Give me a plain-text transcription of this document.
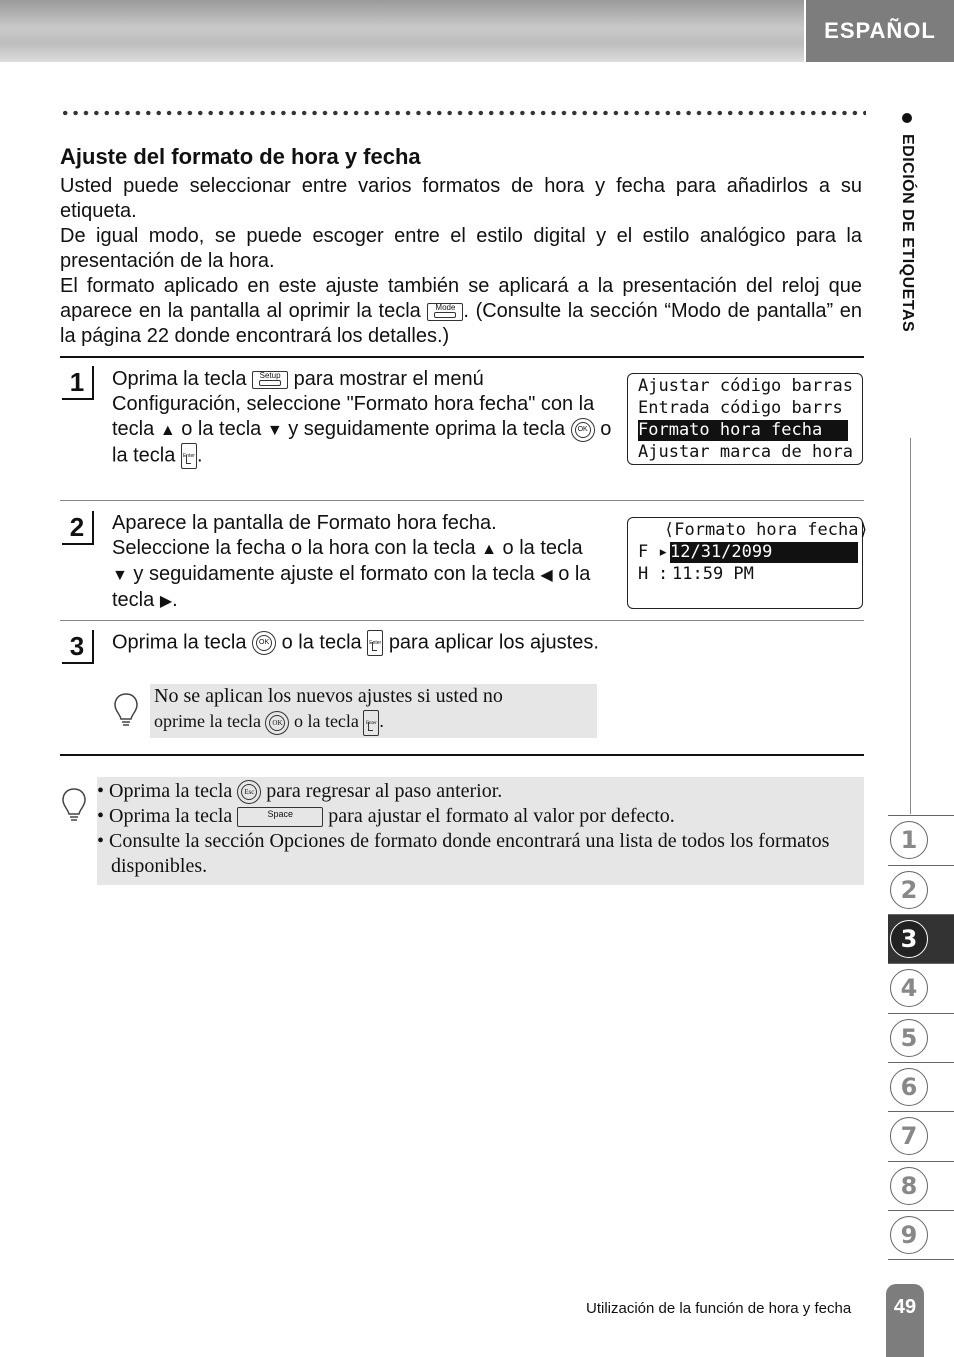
ESPAÑOL
Ajuste del formato de hora y fecha

Usted puede seleccionar entre varios formatos de hora y fecha para añadirlos a su etiqueta.

De igual modo, se puede escoger entre el estilo digital y el estilo analógico para la presentación de la hora.

El formato aplicado en este ajuste también se aplicará a la presentación del reloj que aparece en la pantalla al oprimir la tecla Mode . (Consulte la sección “Modo de pantalla” en la página 22 donde encontrará los detalles.)

1	Oprima la tecla Setup para mostrar el menú Configuración, seleccione "Formato hora fecha" con la tecla ▲ o la tecla ▼ y seguidamente oprima la tecla	OK o la tecla Enter .

Ajustar código barras
Entrada código barrs
Formato hora fecha
Ajustar marca de hora
2	Aparece la pantalla de Formato hora fecha. Seleccione la fecha o la hora con la tecla ▲ o la tecla ▼ y seguidamente ajuste el formato con la tecla ◀ o la tecla ▶.

⟨Formato hora fecha⟩
F ▸ 12/31/2099
H : 11:59 PM
3	Oprima la tecla	OK o la tecla Enter para aplicar los ajustes.

No se aplican los nuevos ajustes si usted no
oprime la tecla	OK o la tecla Enter .
• Oprima la tecla	Esc para regresar al paso anterior.
• Oprima la tecla	Space para ajustar el formato al valor por defecto.
• Consulte la sección Opciones de formato donde encontrará una lista de todos los formatos disponibles.
EDICIÓN DE ETIQUETAS
1
2
3
4
5
6
7
8
9
Utilización de la función de hora y fecha	49
